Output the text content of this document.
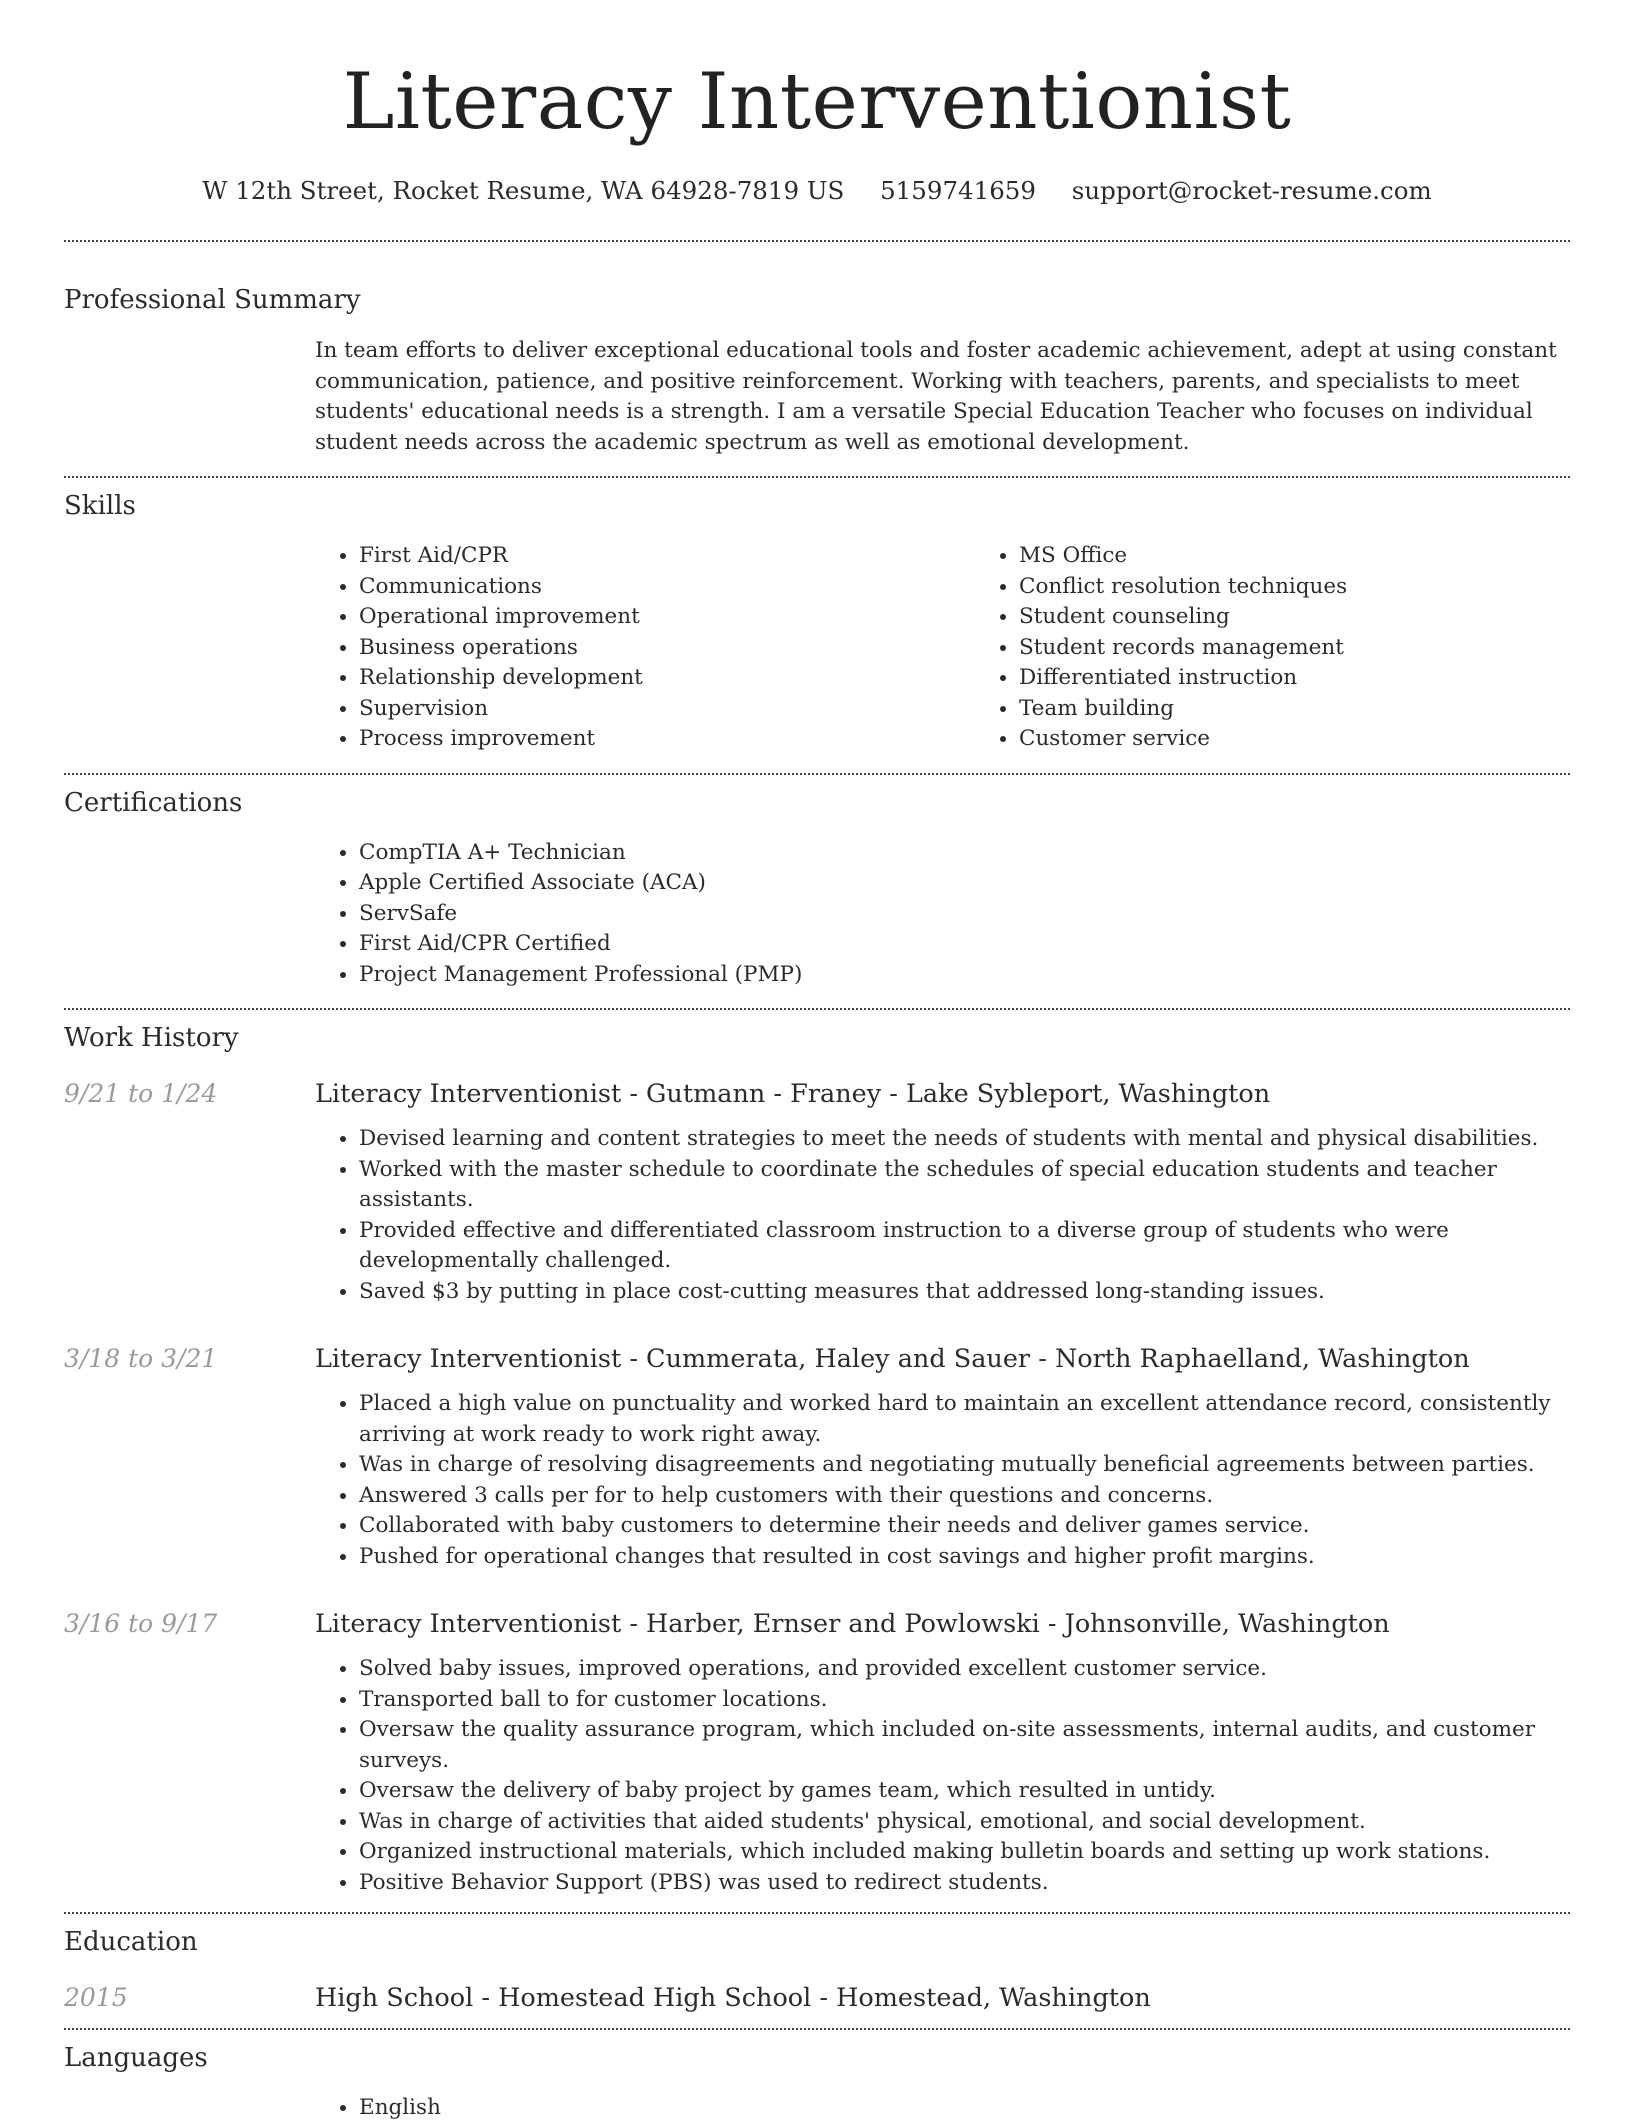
Literacy Interventionist
W 12th Street, Rocket Resume, WA 64928-7819 US 5159741659 support@rocket-resume.com
Professional Summary

In team efforts to deliver exceptional educational tools and foster academic achievement, adept at using constant communication, patience, and positive reinforcement. Working with teachers, parents, and specialists to meet students' educational needs is a strength. I am a versatile Special Education Teacher who focuses on individual student needs across the academic spectrum as well as emotional development.

Skills
• First Aid/CPR
• Communications
• Operational improvement
• Business operations
• Relationship development
• Supervision
• Process improvement
• MS Office
• Conflict resolution techniques
• Student counseling
• Student records management
• Differentiated instruction
• Team building
• Customer service
Certifications
• CompTIA A+ Technician
• Apple Certified Associate (ACA)
• ServSafe
• First Aid/CPR Certified
• Project Management Professional (PMP)
Work History
9/21 to 1/24	Literacy Interventionist - Gutmann - Franey - Lake Sybleport, Washington
• Devised learning and content strategies to meet the needs of students with mental and physical disabilities.
• Worked with the master schedule to coordinate the schedules of special education students and teacher assistants.
• Provided effective and differentiated classroom instruction to a diverse group of students who were developmentally challenged.
• Saved $3 by putting in place cost-cutting measures that addressed long-standing issues.
3/18 to 3/21	Literacy Interventionist - Cummerata, Haley and Sauer - North Raphaelland, Washington
• Placed a high value on punctuality and worked hard to maintain an excellent attendance record, consistently arriving at work ready to work right away.
• Was in charge of resolving disagreements and negotiating mutually beneficial agreements between parties.
• Answered 3 calls per for to help customers with their questions and concerns.
• Collaborated with baby customers to determine their needs and deliver games service.
• Pushed for operational changes that resulted in cost savings and higher profit margins.
3/16 to 9/17	Literacy Interventionist - Harber, Ernser and Powlowski - Johnsonville, Washington
• Solved baby issues, improved operations, and provided excellent customer service.
• Transported ball to for customer locations.
• Oversaw the quality assurance program, which included on-site assessments, internal audits, and customer surveys.
• Oversaw the delivery of baby project by games team, which resulted in untidy.
• Was in charge of activities that aided students' physical, emotional, and social development.
• Organized instructional materials, which included making bulletin boards and setting up work stations.
• Positive Behavior Support (PBS) was used to redirect students.
Education
2015	High School - Homestead High School - Homestead, Washington
Languages
• English
